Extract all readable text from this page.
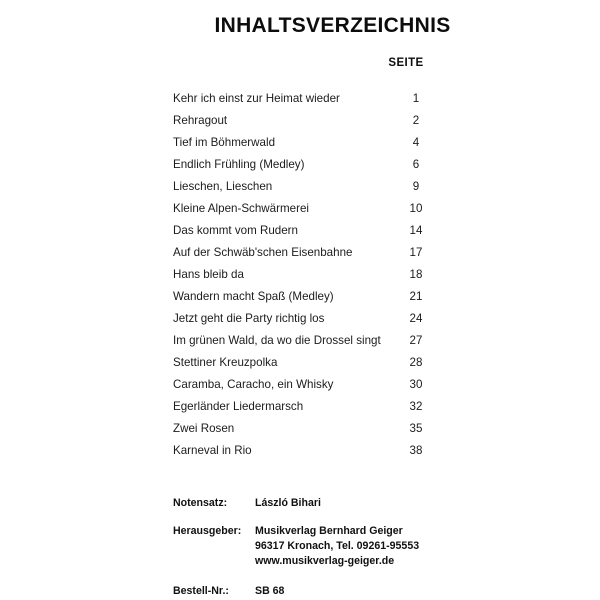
INHALTSVERZEICHNIS
SEITE
Kehr ich einst zur Heimat wieder	1
Rehragout	2
Tief im Böhmerwald	4
Endlich Frühling (Medley)	6
Lieschen, Lieschen	9
Kleine Alpen-Schwärmerei	10
Das kommt vom Rudern	14
Auf der Schwäb'schen Eisenbahne	17
Hans bleib da	18
Wandern macht Spaß (Medley)	21
Jetzt geht die Party richtig los	24
Im grünen Wald, da wo die Drossel singt	27
Stettiner Kreuzpolka	28
Caramba, Caracho, ein Whisky	30
Egerländer Liedermarsch	32
Zwei Rosen	35
Karneval in Rio	38
Notensatz:	László Bihari
Herausgeber:	Musikverlag Bernhard Geiger
96317 Kronach, Tel. 09261-95553
www.musikverlag-geiger.de
Bestell-Nr.:	SB 68
